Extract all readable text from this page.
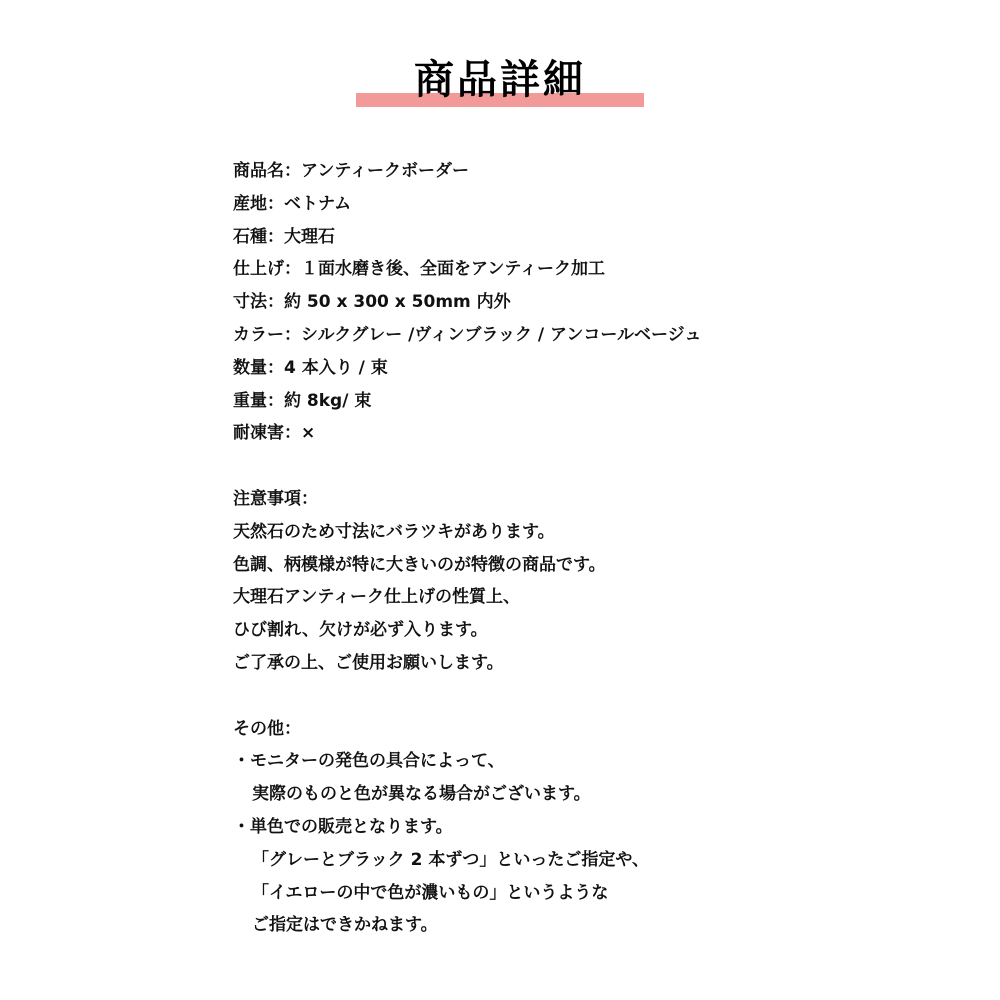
商品詳細
商品名：アンティークボーダー
産地：ベトナム
石種：大理石
仕上げ：１面水磨き後、全面をアンティーク加工
寸法：約 50 x 300 x 50mm 内外
カラー：シルクグレー /ヴィンブラック / アンコールベージュ
数量：4 本入り / 束
重量：約 8kg/ 束
耐凍害：×
注意事項：
天然石のため寸法にバラツキがあります。
色調、柄模様が特に大きいのが特徴の商品です。
大理石アンティーク仕上げの性質上、
ひび割れ、欠けが必ず入ります。
ご了承の上、ご使用お願いします。
その他：
・モニターの発色の具合によって、
実際のものと色が異なる場合がございます。
・単色での販売となります。
「グレーとブラック 2 本ずつ」といったご指定や、
「イエローの中で色が濃いもの」というような
ご指定はできかねます。
